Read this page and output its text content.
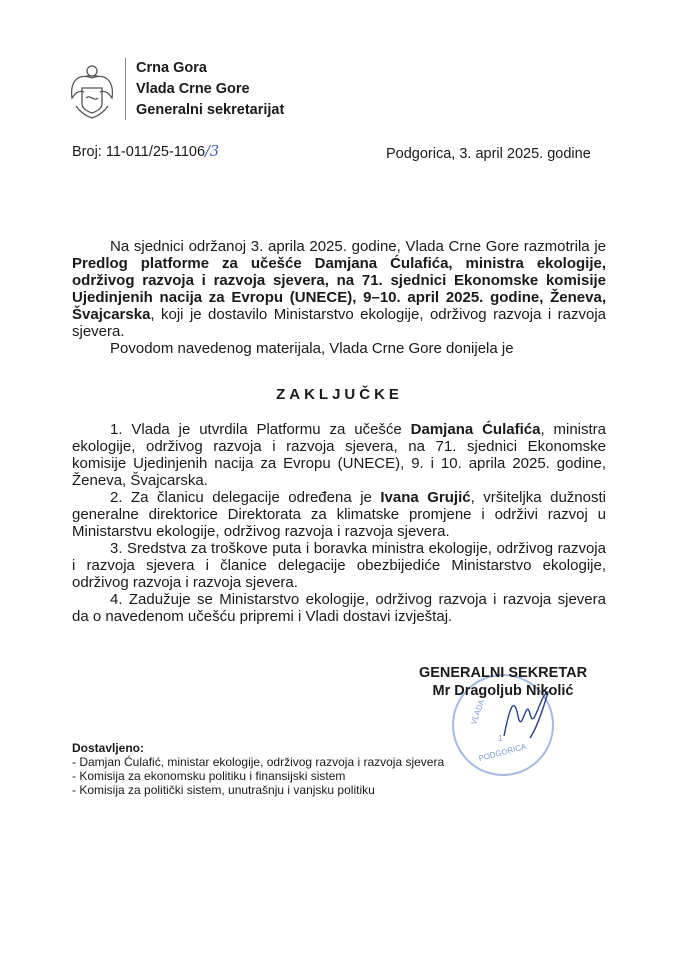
Crna Gora
Vlada Crne Gore
Generalni sekretarijat
Broj: 11-011/25-1106/3	Podgorica, 3. april 2025. godine

Na sjednici održanoj 3. aprila 2025. godine, Vlada Crne Gore razmotrila je Predlog platforme za učešće Damjana Ćulafića, ministra ekologije, održivog razvoja i razvoja sjevera, na 71. sjednici Ekonomske komisije Ujedinjenih nacija za Evropu (UNECE), 9–10. april 2025. godine, Ženeva, Švajcarska, koji je dostavilo Ministarstvo ekologije, održivog razvoja i razvoja sjevera.

Povodom navedenog materijala, Vlada Crne Gore donijela je

ZAKLJUČKE

1. Vlada je utvrdila Platformu za učešće Damjana Ćulafića, ministra ekologije, održivog razvoja i razvoja sjevera, na 71. sjednici Ekonomske komisije Ujedinjenih nacija za Evropu (UNECE), 9. i 10. aprila 2025. godine, Ženeva, Švajcarska.

2. Za članicu delegacije određena je Ivana Grujić, vršiteljka dužnosti generalne direktorice Direktorata za klimatske promjene i održivi razvoj u Ministarstvu ekologije, održivog razvoja i razvoja sjevera.

3. Sredstva za troškove puta i boravka ministra ekologije, održivog razvoja i razvoja sjevera i članice delegacije obezbijediće Ministarstvo ekologije, održivog razvoja i razvoja sjevera.

4. Zadužuje se Ministarstvo ekologije, održivog razvoja i razvoja sjevera da o navedenom učešću pripremi i Vladi dostavi izvještaj.

VLADA C
1
PODGORICA
GENERALNI SEKRETAR
Mr Dragoljub Nikolić
Dostavljeno:
- Damjan Ćulafić, ministar ekologije, održivog razvoja i razvoja sjevera
- Komisija za ekonomsku politiku i finansijski sistem
- Komisija za politički sistem, unutrašnju i vanjsku politiku
